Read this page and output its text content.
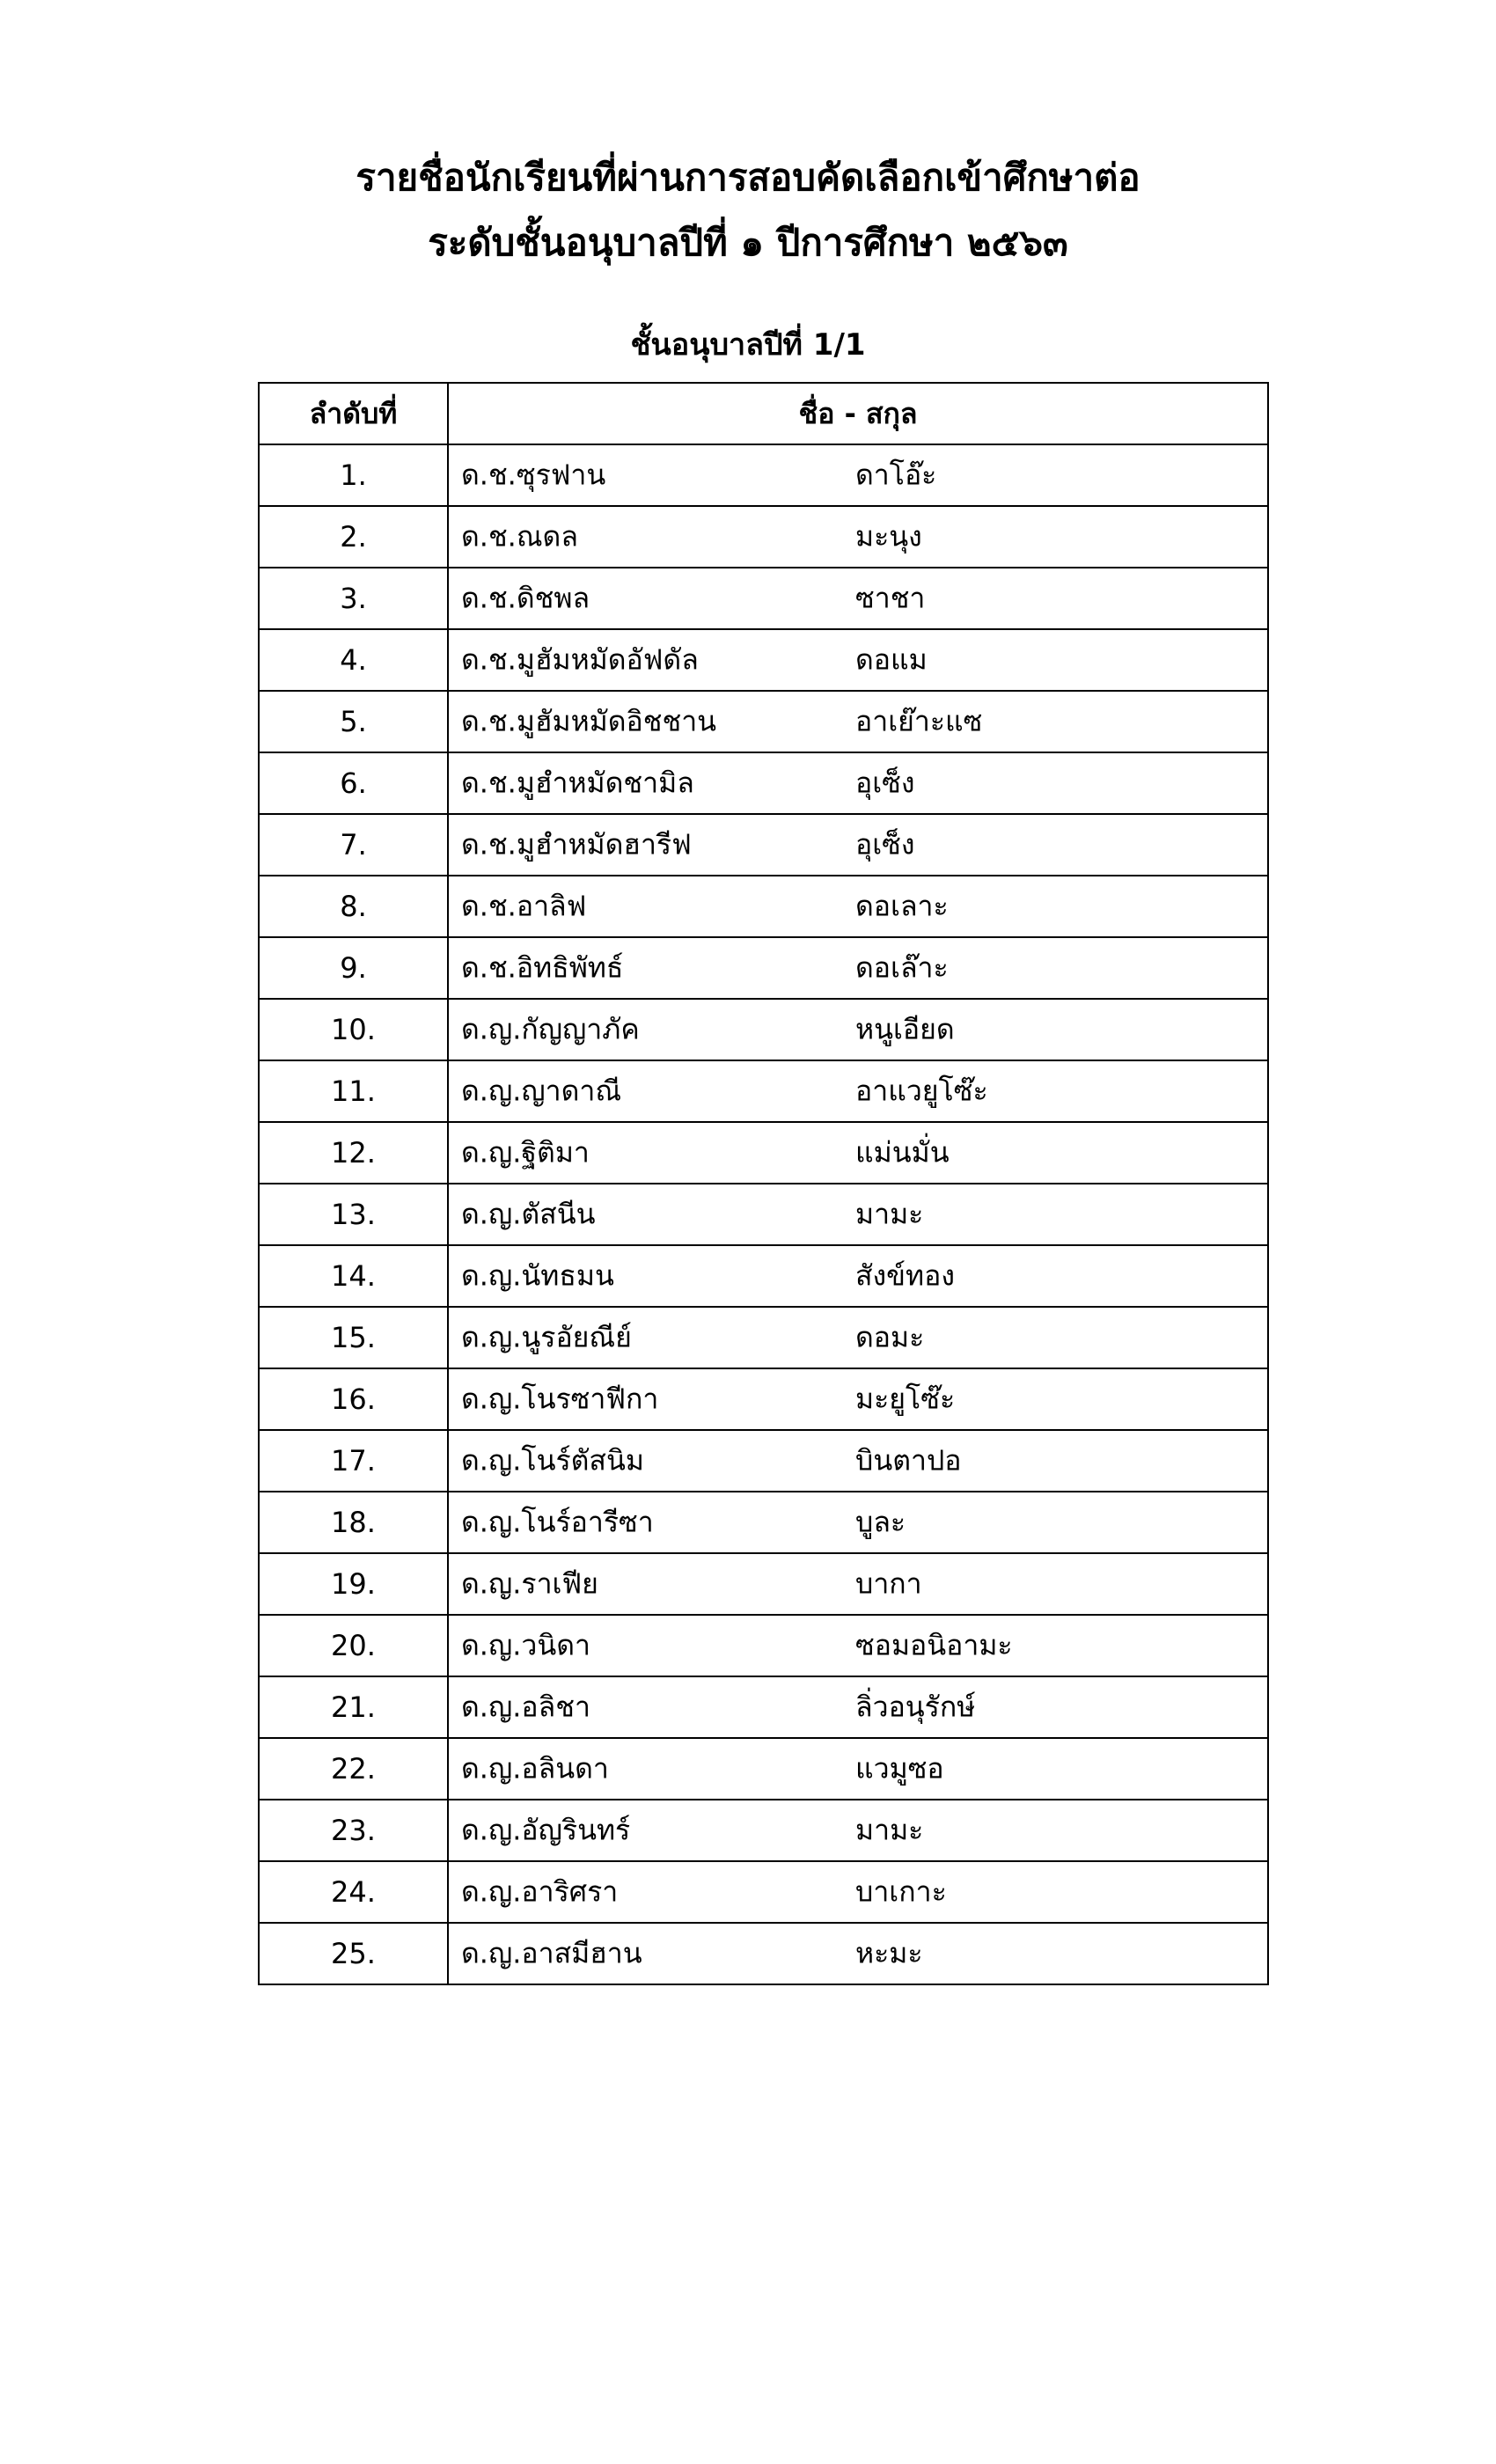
รายชื่อนักเรียนที่ผ่านการสอบคัดเลือกเข้าศึกษาต่อ
ระดับชั้นอนุบาลปีที่ ๑ ปีการศึกษา ๒๕๖๓
ชั้นอนุบาลปีที่ 1/1
ลำดับที่	ชื่อ - สกุล
1.	ด.ช.ซุรฟาน ดาโอ๊ะ

2.	ด.ช.ณดล มะนุง

3.	ด.ช.ดิชพล ซาชา

4.	ด.ช.มูฮัมหมัดอัฟดัล ดอแม

5.	ด.ช.มูฮัมหมัดอิชชาน อาเย๊าะแซ

6.	ด.ช.มูฮำหมัดชามิล อุเซ็ง

7.	ด.ช.มูฮำหมัดฮารีฟ อุเซ็ง

8.	ด.ช.อาลิฟ ดอเลาะ

9.	ด.ช.อิทธิพัทธ์ ดอเล๊าะ

10.	ด.ญ.กัญญาภัค หนูเอียด

11.	ด.ญ.ญาดาณี อาแวยูโซ๊ะ

12.	ด.ญ.ฐิติมา แม่นมั่น

13.	ด.ญ.ตัสนีน มามะ

14.	ด.ญ.นัทธมน สังข์ทอง

15.	ด.ญ.นูรอัยณีย์ ดอมะ

16.	ด.ญ.โนรซาฟีกา มะยูโซ๊ะ

17.	ด.ญ.โนร์ตัสนิม บินตาปอ

18.	ด.ญ.โนร์อารีซา บูละ

19.	ด.ญ.ราเฟีย บากา

20.	ด.ญ.วนิดา ซอมอนิอามะ

21.	ด.ญ.อลิชา ลิ่วอนุรักษ์

22.	ด.ญ.อลินดา แวมูซอ

23.	ด.ญ.อัญรินทร์ มามะ

24.	ด.ญ.อาริศรา บาเกาะ

25.	ด.ญ.อาสมีฮาน หะมะ
